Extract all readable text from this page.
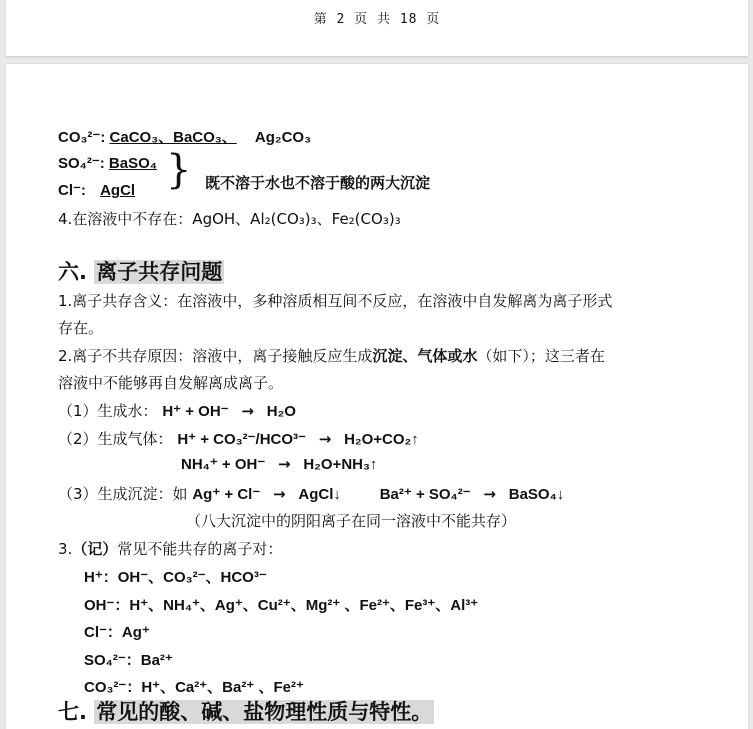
第 2 页 共 18 页
CO₃²⁻: CaCO₃、BaCO₃、 Ag₂CO₃
SO₄²⁻: BaSO₄
Cl⁻: AgCl } 既不溶于水也不溶于酸的两大沉淀
4.在溶液中不存在：AgOH、Al₂(CO₃)₃、Fe₂(CO₃)₃
六. 离子共存问题
1.离子共存含义：在溶液中，多种溶质相互间不反应，在溶液中自发解离为离子形式
存在。
2.离子不共存原因：溶液中，离子接触反应生成沉淀、气体或水（如下）；这三者在
溶液中不能够再自发解离成离子。
（1）生成水： H⁺ + OH⁻ → H₂O
（2）生成气体： H⁺ + CO₃²⁻/HCO³⁻ → H₂O+CO₂↑
NH₄⁺ + OH⁻ → H₂O+NH₃↑
（3）生成沉淀：如 Ag⁺ + Cl⁻ → AgCl↓	Ba²⁺ + SO₄²⁻ → BaSO₄↓
（八大沉淀中的阴阳离子在同一溶液中不能共存）
3.（记）常见不能共存的离子对：
H⁺：OH⁻、CO₃²⁻、HCO³⁻
OH⁻：H⁺、NH₄⁺、Ag⁺、Cu²⁺、Mg²⁺ 、Fe²⁺、Fe³⁺、Al³⁺
Cl⁻：Ag⁺
SO₄²⁻：Ba²⁺
CO₃²⁻：H⁺、Ca²⁺、Ba²⁺ 、Fe²⁺
七. 常见的酸、碱、盐物理性质与特性。
